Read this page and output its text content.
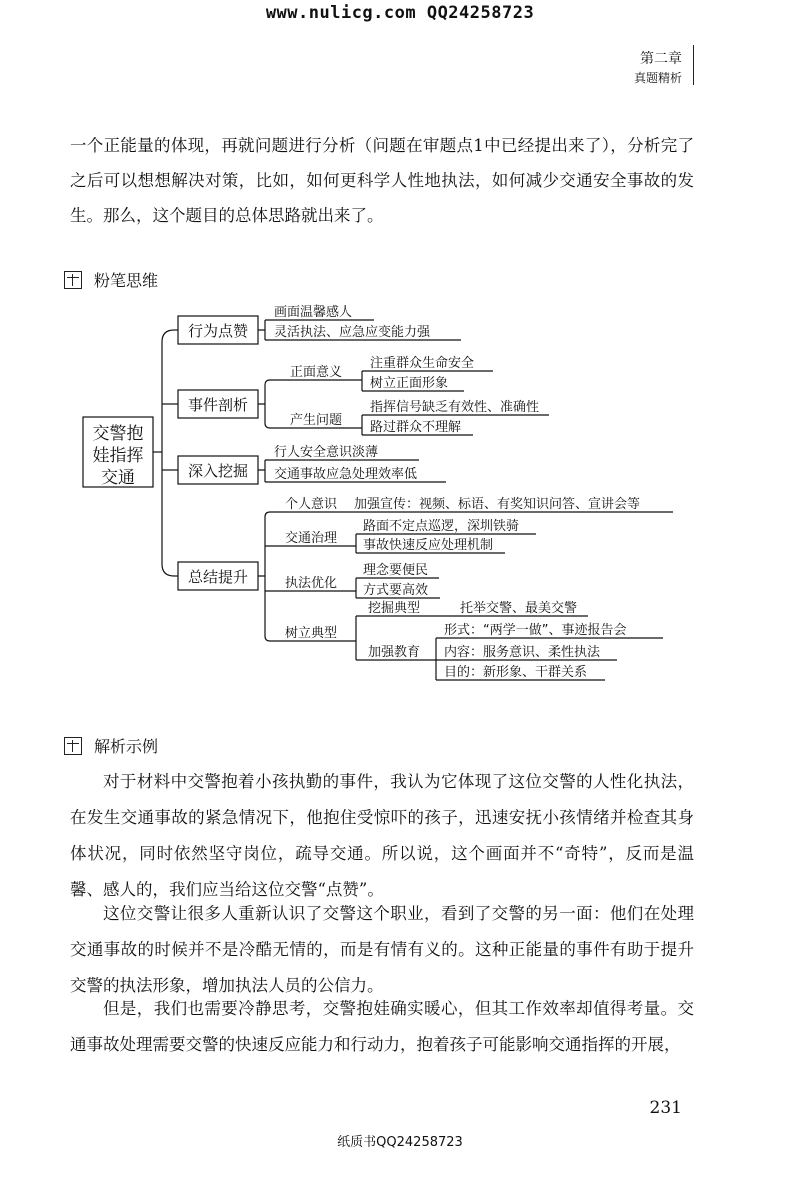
www.nulicg.com QQ24258723
第二章
真题精析
一个正能量的体现，再就问题进行分析（问题在审题点1中已经提出来了），分析完了之后可以想想解决对策，比如，如何更科学人性地执法，如何减少交通安全事故的发生。那么，这个题目的总体思路就出来了。
粉笔思维
交警抱
娃指挥
交通
行为点赞
事件剖析
深入挖掘
总结提升
画面温馨感人
灵活执法、应急应变能力强
正面意义
产生问题
注重群众生命安全
树立正面形象
指挥信号缺乏有效性、准确性
路过群众不理解
行人安全意识淡薄
交通事故应急处理效率低
个人意识 加强宣传：视频、标语、有奖知识问答、宣讲会等
交通治理
路面不定点巡逻，深圳铁骑
事故快速反应处理机制
执法优化
理念要便民
方式要高效
树立典型
挖掘典型	托举交警、最美交警
加强教育
形式：“两学一做”、事迹报告会
内容：服务意识、柔性执法
目的：新形象、干群关系
解析示例
对于材料中交警抱着小孩执勤的事件，我认为它体现了这位交警的人性化执法，在发生交通事故的紧急情况下，他抱住受惊吓的孩子，迅速安抚小孩情绪并检查其身体状况，同时依然坚守岗位，疏导交通。所以说，这个画面并不“奇特”，反而是温馨、感人的，我们应当给这位交警“点赞”。
这位交警让很多人重新认识了交警这个职业，看到了交警的另一面：他们在处理交通事故的时候并不是冷酷无情的，而是有情有义的。这种正能量的事件有助于提升交警的执法形象，增加执法人员的公信力。
但是，我们也需要冷静思考，交警抱娃确实暖心，但其工作效率却值得考量。交通事故处理需要交警的快速反应能力和行动力，抱着孩子可能影响交通指挥的开展，
231
纸质书QQ24258723
